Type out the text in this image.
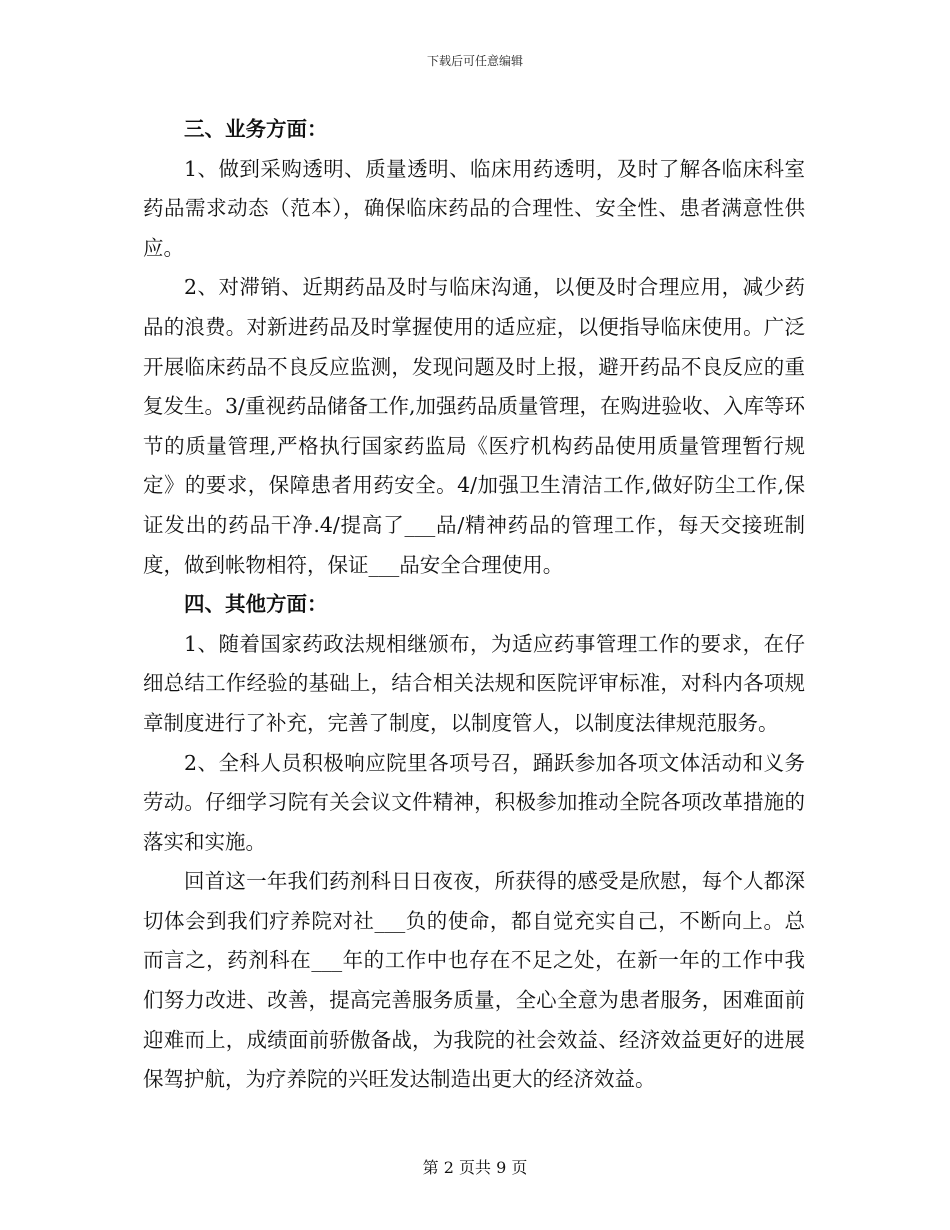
下载后可任意编辑

三、业务方面：

1、做到采购透明、质量透明、临床用药透明，及时了解各临床科室药品需求动态（范本），确保临床药品的合理性、安全性、患者满意性供应。

2、对滞销、近期药品及时与临床沟通，以便及时合理应用，减少药品的浪费。对新进药品及时掌握使用的适应症，以便指导临床使用。广泛开展临床药品不良反应监测，发现问题及时上报，避开药品不良反应的重复发生。3/重视药品储备工作,加强药品质量管理，在购进验收、入库等环节的质量管理,严格执行国家药监局《医疗机构药品使用质量管理暂行规定》的要求，保障患者用药安全。4/加强卫生清洁工作,做好防尘工作,保证发出的药品干净.4/提高了___品/精神药品的管理工作，每天交接班制度，做到帐物相符，保证___品安全合理使用。

四、其他方面：

1、随着国家药政法规相继颁布，为适应药事管理工作的要求，在仔细总结工作经验的基础上，结合相关法规和医院评审标准，对科内各项规章制度进行了补充，完善了制度，以制度管人，以制度法律规范服务。

2、全科人员积极响应院里各项号召，踊跃参加各项文体活动和义务劳动。仔细学习院有关会议文件精神，积极参加推动全院各项改革措施的落实和实施。

回首这一年我们药剂科日日夜夜，所获得的感受是欣慰，每个人都深切体会到我们疗养院对社___负的使命，都自觉充实自己，不断向上。总而言之，药剂科在___年的工作中也存在不足之处，在新一年的工作中我们努力改进、改善，提高完善服务质量，全心全意为患者服务，困难面前迎难而上，成绩面前骄傲备战，为我院的社会效益、经济效益更好的进展保驾护航，为疗养院的兴旺发达制造出更大的经济效益。

第 2 页共 9 页
